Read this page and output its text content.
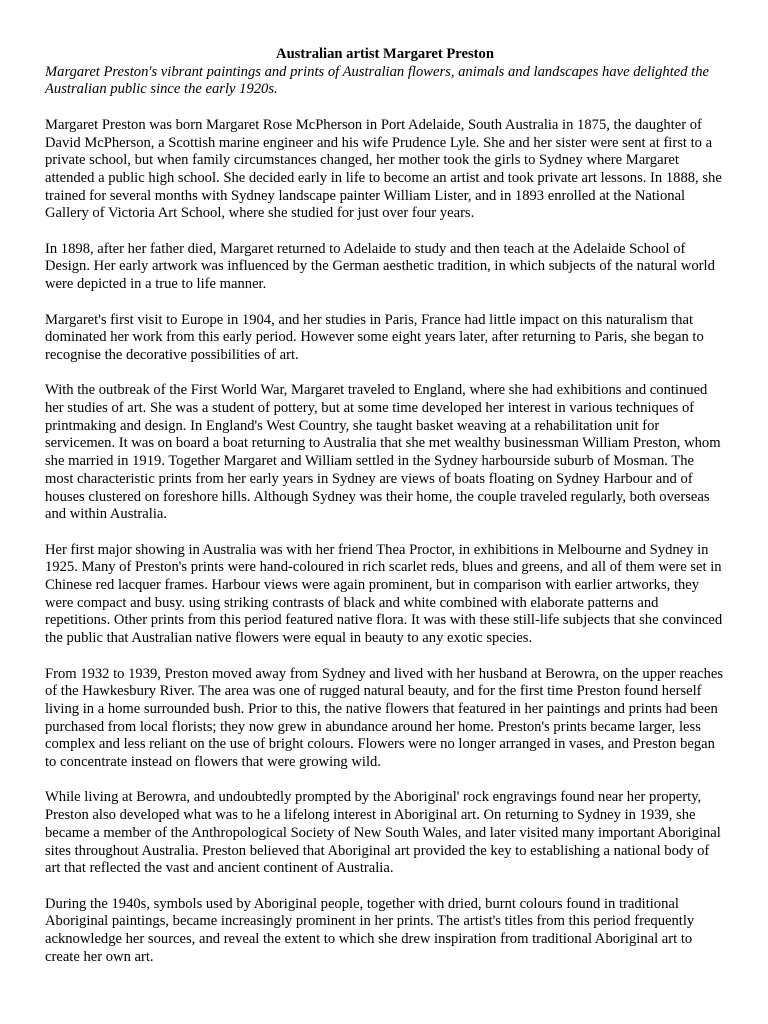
Australian artist Margaret Preston

Margaret Preston's vibrant paintings and prints of Australian flowers, animals and landscapes have delighted the Australian public since the early 1920s.

Margaret Preston was born Margaret Rose McPherson in Port Adelaide, South Australia in 1875, the daughter of David McPherson, a Scottish marine engineer and his wife Prudence Lyle. She and her sister were sent at first to a private school, but when family circumstances changed, her mother took the girls to Sydney where Margaret attended a public high school. She decided early in life to become an artist and took private art lessons. In 1888, she trained for several months with Sydney landscape painter William Lister, and in 1893 enrolled at the National Gallery of Victoria Art School, where she studied for just over four years.

In 1898, after her father died, Margaret returned to Adelaide to study and then teach at the Adelaide School of Design. Her early artwork was influenced by the German aesthetic tradition, in which subjects of the natural world were depicted in a true to life manner.

Margaret's first visit to Europe in 1904, and her studies in Paris, France had little impact on this naturalism that dominated her work from this early period. However some eight years later, after returning to Paris, she began to recognise the decorative possibilities of art.

With the outbreak of the First World War, Margaret traveled to England, where she had exhibitions and continued her studies of art. She was a student of pottery, but at some time developed her interest in various techniques of printmaking and design. In England's West Country, she taught basket weaving at a rehabilitation unit for servicemen. It was on board a boat returning to Australia that she met wealthy businessman William Preston, whom she married in 1919. Together Margaret and William settled in the Sydney harbourside suburb of Mosman. The most characteristic prints from her early years in Sydney are views of boats floating on Sydney Harbour and of houses clustered on foreshore hills. Although Sydney was their home, the couple traveled regularly, both overseas and within Australia.

Her first major showing in Australia was with her friend Thea Proctor, in exhibitions in Melbourne and Sydney in 1925. Many of Preston's prints were hand-coloured in rich scarlet reds, blues and greens, and all of them were set in Chinese red lacquer frames. Harbour views were again prominent, but in comparison with earlier artworks, they were compact and busy. using striking contrasts of black and white combined with elaborate patterns and repetitions. Other prints from this period featured native flora. It was with these still-life subjects that she convinced the public that Australian native flowers were equal in beauty to any exotic species.

From 1932 to 1939, Preston moved away from Sydney and lived with her husband at Berowra, on the upper reaches of the Hawkesbury River. The area was one of rugged natural beauty, and for the first time Preston found herself living in a home surrounded bush. Prior to this, the native flowers that featured in her paintings and prints had been purchased from local florists; they now grew in abundance around her home. Preston's prints became larger, less complex and less reliant on the use of bright colours. Flowers were no longer arranged in vases, and Preston began to concentrate instead on flowers that were growing wild.

While living at Berowra, and undoubtedly prompted by the Aboriginal' rock engravings found near her property, Preston also developed what was to he a lifelong interest in Aboriginal art. On returning to Sydney in 1939, she became a member of the Anthropological Society of New South Wales, and later visited many important Aboriginal sites throughout Australia. Preston believed that Aboriginal art provided the key to establishing a national body of art that reflected the vast and ancient continent of Australia.

During the 1940s, symbols used by Aboriginal people, together with dried, burnt colours found in traditional Aboriginal paintings, became increasingly prominent in her prints. The artist's titles from this period frequently acknowledge her sources, and reveal the extent to which she drew inspiration from traditional Aboriginal art to create her own art.
